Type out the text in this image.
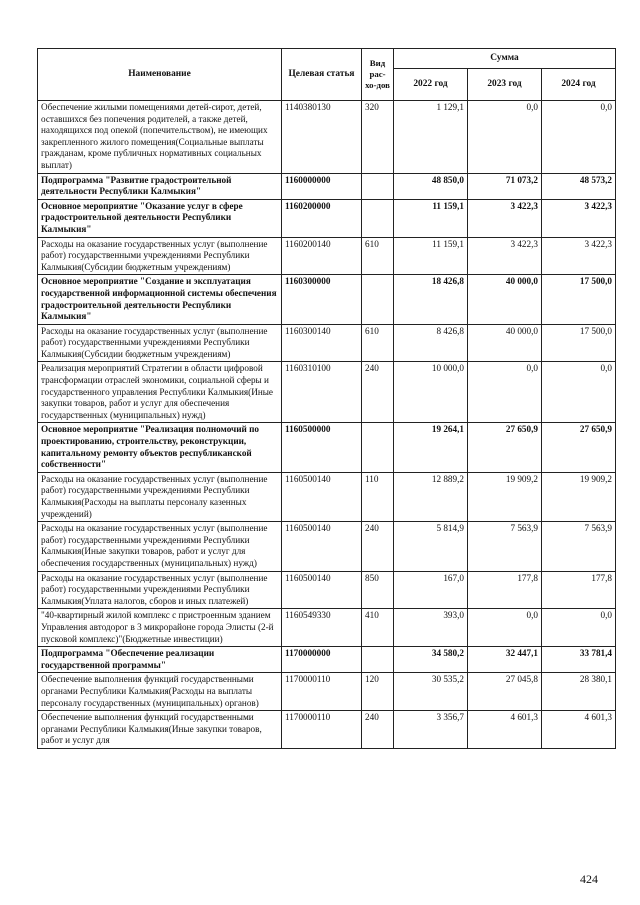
Наименование	Целевая статья	Вид рас-хо-дов	Сумма		
			2022 год	2023 год	2024 год
Обеспечение жилыми помещениями детей-сирот, детей, оставшихся без попечения родителей, а также детей, находящихся под опекой (попечительством), не имеющих закрепленного жилого помещения(Социальные выплаты гражданам, кроме публичных нормативных социальных выплат)	1140380130	320	1 129,1	0,0	0,0
Подпрограмма "Развитие градостроительной деятельности Республики Калмыкия"	1160000000		48 850,0	71 073,2	48 573,2
Основное мероприятие "Оказание услуг в сфере градостроительной деятельности Республики Калмыкия"	1160200000		11 159,1	3 422,3	3 422,3
Расходы на оказание государственных услуг (выполнение работ) государственными учреждениями Республики Калмыкия(Субсидии бюджетным учреждениям)	1160200140	610	11 159,1	3 422,3	3 422,3
Основное мероприятие "Создание и эксплуатация государственной информационной системы обеспечения градостроительной деятельности Республики Калмыкия"	1160300000		18 426,8	40 000,0	17 500,0
Расходы на оказание государственных услуг (выполнение работ) государственными учреждениями Республики Калмыкия(Субсидии бюджетным учреждениям)	1160300140	610	8 426,8	40 000,0	17 500,0
Реализация мероприятий Стратегии в области цифровой трансформации отраслей экономики, социальной сферы и государственного управления Республики Калмыкия(Иные закупки товаров, работ и услуг для обеспечения государственных (муниципальных) нужд)	1160310100	240	10 000,0	0,0	0,0
Основное мероприятие "Реализация полномочий по проектированию, строительству, реконструкции, капитальному ремонту объектов республиканской собственности"	1160500000		19 264,1	27 650,9	27 650,9
Расходы на оказание государственных услуг (выполнение работ) государственными учреждениями Республики Калмыкия(Расходы на выплаты персоналу казенных учреждений)	1160500140	110	12 889,2	19 909,2	19 909,2
Расходы на оказание государственных услуг (выполнение работ) государственными учреждениями Республики Калмыкия(Иные закупки товаров, работ и услуг для обеспечения государственных (муниципальных) нужд)	1160500140	240	5 814,9	7 563,9	7 563,9
Расходы на оказание государственных услуг (выполнение работ) государственными учреждениями Республики Калмыкия(Уплата налогов, сборов и иных платежей)	1160500140	850	167,0	177,8	177,8
"40-квартирный жилой комплекс с пристроенным зданием Управления автодорог в 3 микрорайоне города Элисты (2-й пусковой комплекс)"(Бюджетные инвестиции)	1160549330	410	393,0	0,0	0,0
Подпрограмма "Обеспечение реализации государственной программы"	1170000000		34 580,2	32 447,1	33 781,4
Обеспечение выполнения функций государственными органами Республики Калмыкия(Расходы на выплаты персоналу государственных (муниципальных) органов)	1170000110	120	30 535,2	27 045,8	28 380,1
Обеспечение выполнения функций государственными органами Республики Калмыкия(Иные закупки товаров, работ и услуг для	1170000110	240	3 356,7	4 601,3	4 601,3
424
